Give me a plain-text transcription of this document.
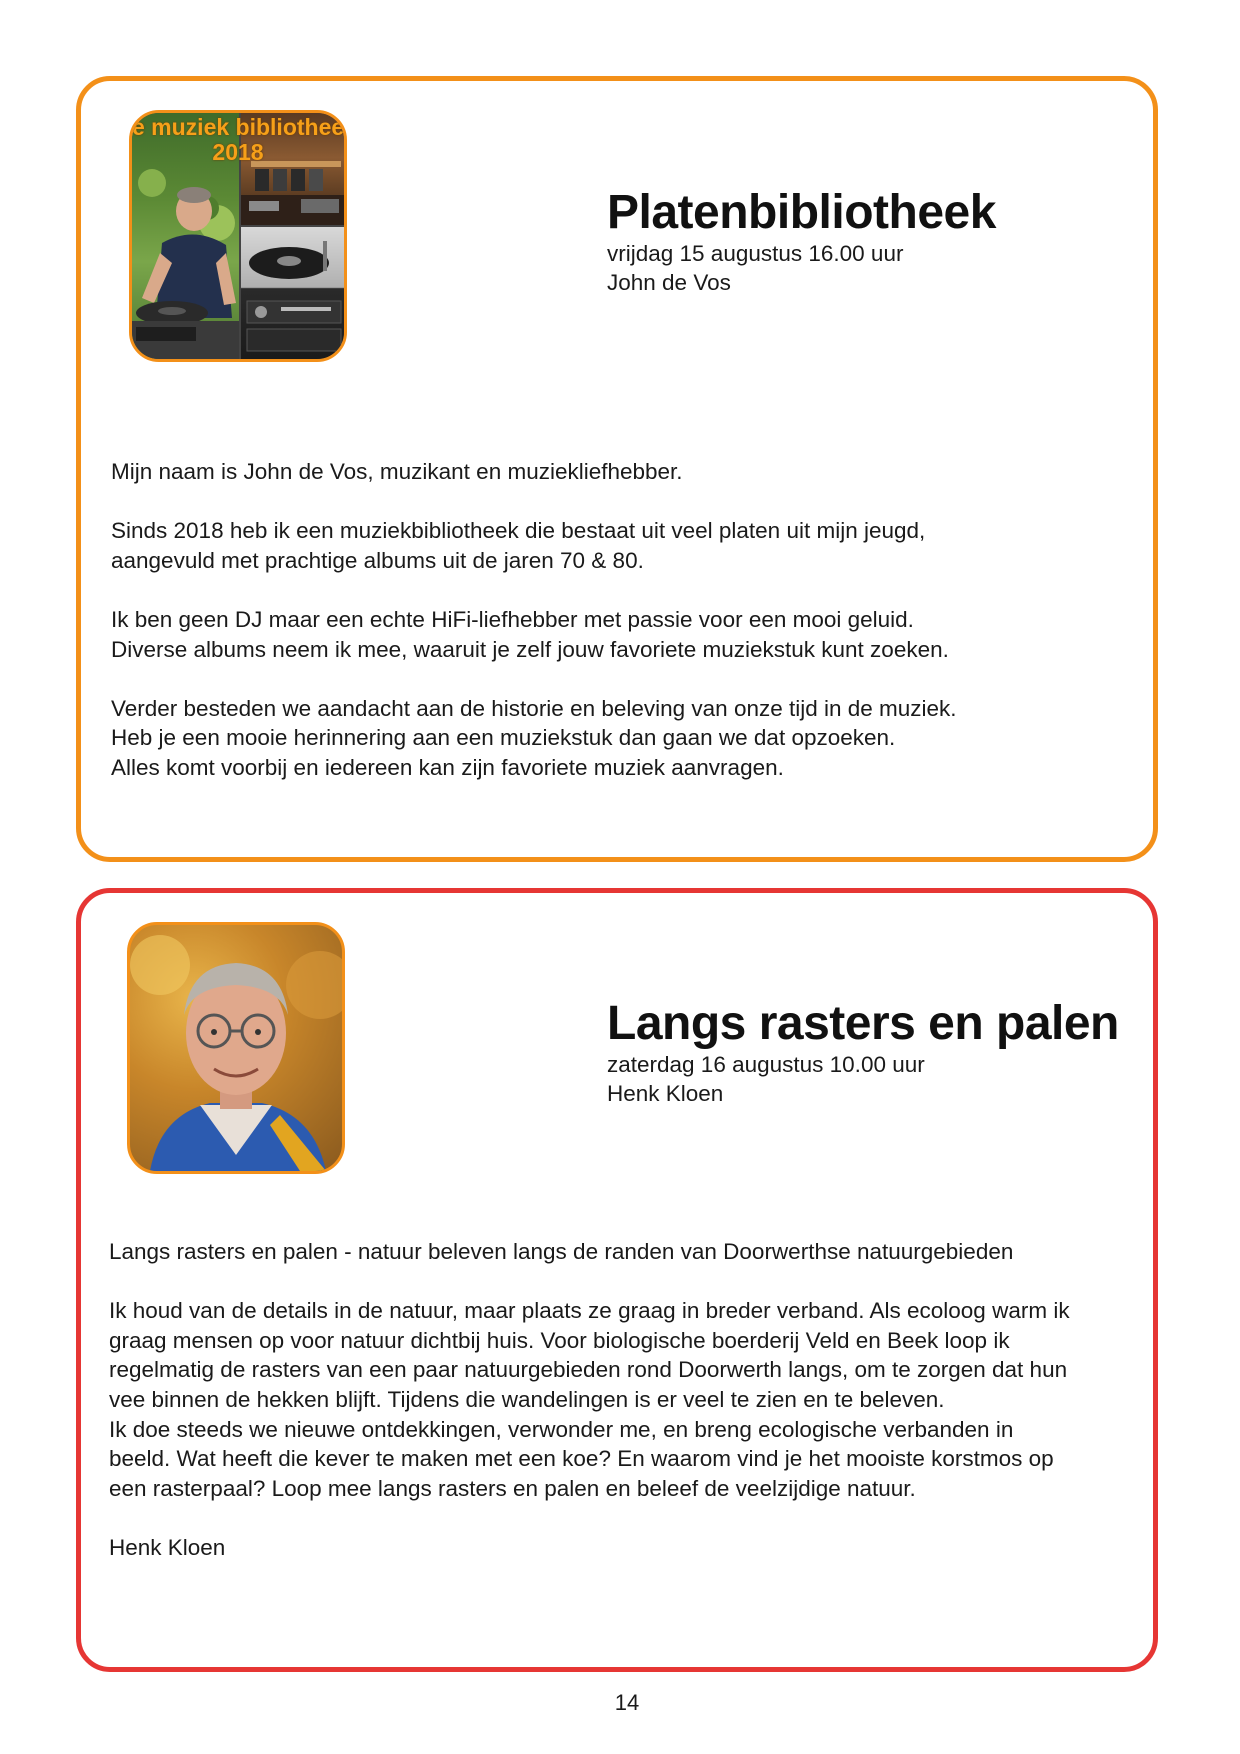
e muziek bibliothee
2018
Platenbibliotheek
vrijdag 15 augustus 16.00 uur
John de Vos

Mijn naam is John de Vos, muzikant en muziekliefhebber.

Sinds 2018 heb ik een muziekbibliotheek die bestaat uit veel platen uit mijn jeugd,
aangevuld met prachtige albums uit de jaren 70 & 80.

Ik ben geen DJ maar een echte HiFi-liefhebber met passie voor een mooi geluid.
Diverse albums neem ik mee, waaruit je zelf jouw favoriete muziekstuk kunt zoeken.

Verder besteden we aandacht aan de historie en beleving van onze tijd in de muziek.
Heb je een mooie herinnering aan een muziekstuk dan gaan we dat opzoeken.
Alles komt voorbij en iedereen kan zijn favoriete muziek aanvragen.

Langs rasters en palen
zaterdag 16 augustus 10.00 uur
Henk Kloen

Langs rasters en palen - natuur beleven langs de randen van Doorwerthse natuurgebieden

Ik houd van de details in de natuur, maar plaats ze graag in breder verband. Als ecoloog warm ik
graag mensen op voor natuur dichtbij huis. Voor biologische boerderij Veld en Beek loop ik
regelmatig de rasters van een paar natuurgebieden rond Doorwerth langs, om te zorgen dat hun
vee binnen de hekken blijft. Tijdens die wandelingen is er veel te zien en te beleven.
Ik doe steeds we nieuwe ontdekkingen, verwonder me, en breng ecologische verbanden in
beeld. Wat heeft die kever te maken met een koe? En waarom vind je het mooiste korstmos op
een rasterpaal? Loop mee langs rasters en palen en beleef de veelzijdige natuur.

Henk Kloen

14
